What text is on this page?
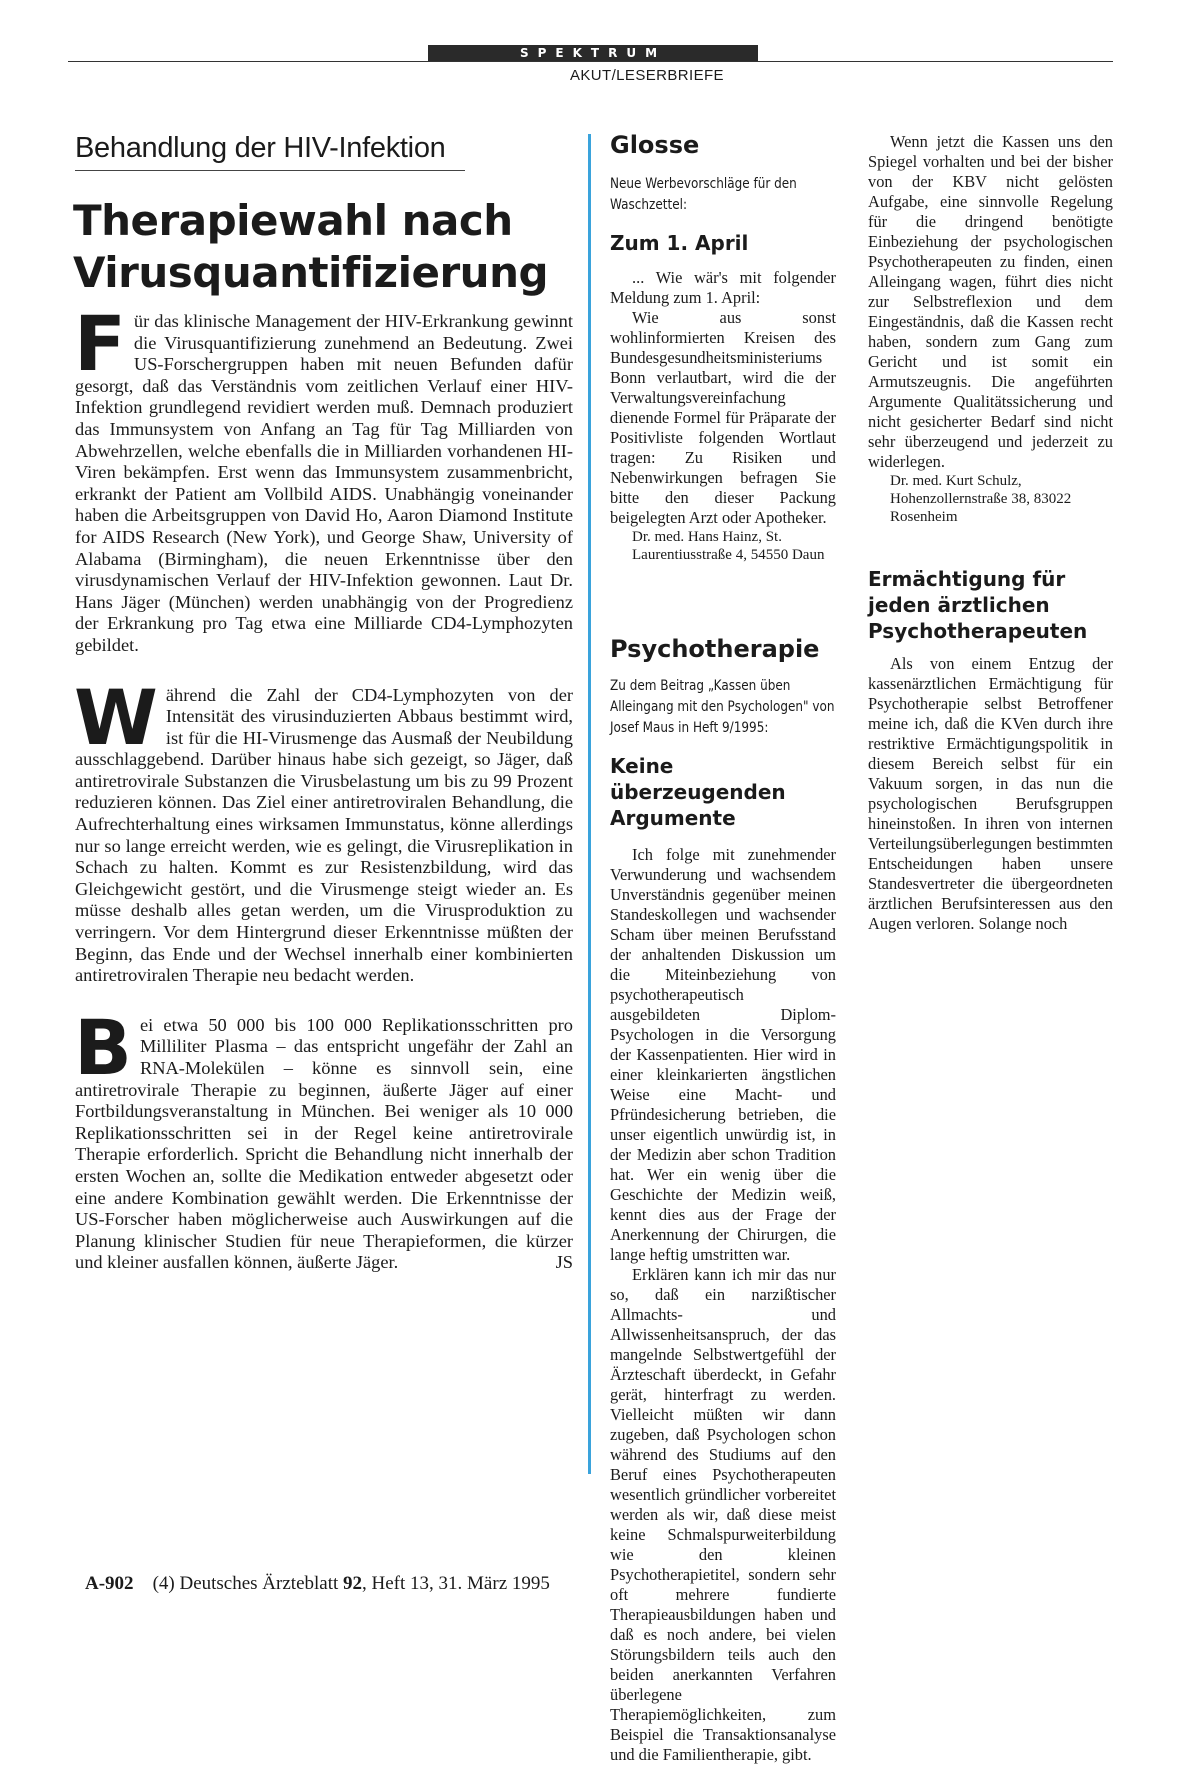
SPEKTRUM
AKUT/LESERBRIEFE
Behandlung der HIV-Infektion
Therapiewahl nach Virusquantifizierung

Für das klinische Management der HIV-Erkrankung gewinnt die Virusquantifizierung zunehmend an Bedeutung. Zwei US-Forschergruppen haben mit neuen Befunden dafür gesorgt, daß das Verständnis vom zeitlichen Verlauf einer HIV-Infektion grundlegend revidiert werden muß. Demnach produziert das Immunsystem von Anfang an Tag für Tag Milliarden von Abwehrzellen, welche ebenfalls die in Milliarden vorhandenen HI-Viren bekämpfen. Erst wenn das Immunsystem zusammenbricht, erkrankt der Patient am Vollbild AIDS. Unabhängig voneinander haben die Arbeitsgruppen von David Ho, Aaron Diamond Institute for AIDS Research (New York), und George Shaw, University of Alabama (Birmingham), die neuen Erkenntnisse über den virusdynamischen Verlauf der HIV-Infektion gewonnen. Laut Dr. Hans Jäger (München) werden unabhängig von der Progredienz der Erkrankung pro Tag etwa eine Milliarde CD4-Lymphozyten gebildet.

Während die Zahl der CD4-Lymphozyten von der Intensität des virusinduzierten Abbaus bestimmt wird, ist für die HI-Virusmenge das Ausmaß der Neubildung ausschlaggebend. Darüber hinaus habe sich gezeigt, so Jäger, daß antiretrovirale Substanzen die Virusbelastung um bis zu 99 Prozent reduzieren können. Das Ziel einer antiretroviralen Behandlung, die Aufrechterhaltung eines wirksamen Immunstatus, könne allerdings nur so lange erreicht werden, wie es gelingt, die Virusreplikation in Schach zu halten. Kommt es zur Resistenzbildung, wird das Gleichgewicht gestört, und die Virusmenge steigt wieder an. Es müsse deshalb alles getan werden, um die Virusproduktion zu verringern. Vor dem Hintergrund dieser Erkenntnisse müßten der Beginn, das Ende und der Wechsel innerhalb einer kombinierten antiretroviralen Therapie neu bedacht werden.

Bei etwa 50 000 bis 100 000 Replikationsschritten pro Milliliter Plasma – das entspricht ungefähr der Zahl an RNA-Molekülen – könne es sinnvoll sein, eine antiretrovirale Therapie zu beginnen, äußerte Jäger auf einer Fortbildungsveranstaltung in München. Bei weniger als 10 000 Replikationsschritten sei in der Regel keine antiretrovirale Therapie erforderlich. Spricht die Behandlung nicht innerhalb der ersten Wochen an, sollte die Medikation entweder abgesetzt oder eine andere Kombination gewählt werden. Die Erkenntnisse der US-Forscher haben möglicherweise auch Auswirkungen auf die Planung klinischer Studien für neue Therapieformen, die kürzer und kleiner ausfallen können, äußerte Jäger.	JS

Glosse

Neue Werbevorschläge für den Waschzettel:

Zum 1. April

... Wie wär's mit folgender Meldung zum 1. April:

Wie aus sonst wohlinformierten Kreisen des Bundesgesundheitsministeriums Bonn verlautbart, wird die der Verwaltungsvereinfachung dienende Formel für Präparate der Positivliste folgenden Wortlaut tragen: Zu Risiken und Nebenwirkungen befragen Sie bitte den dieser Packung beigelegten Arzt oder Apotheker.

Dr. med. Hans Hainz, St. Laurentiusstraße 4, 54550 Daun
Psychotherapie

Zu dem Beitrag „Kassen üben Alleingang mit den Psychologen" von Josef Maus in Heft 9/1995:

Keine überzeugenden Argumente

Ich folge mit zunehmender Verwunderung und wachsendem Unverständnis gegenüber meinen Standeskollegen und wachsender Scham über meinen Berufsstand der anhaltenden Diskussion um die Miteinbeziehung von psychotherapeutisch ausgebildeten Diplom-Psychologen in die Versorgung der Kassenpatienten. Hier wird in einer kleinkarierten ängstlichen Weise eine Macht- und Pfründesicherung betrieben, die unser eigentlich unwürdig ist, in der Medizin aber schon Tradition hat. Wer ein wenig über die Geschichte der Medizin weiß, kennt dies aus der Frage der Anerkennung der Chirurgen, die lange heftig umstritten war.

Erklären kann ich mir das nur so, daß ein narzißtischer Allmachts- und Allwissenheitsanspruch, der das mangelnde Selbstwertgefühl der Ärzteschaft überdeckt, in Gefahr gerät, hinterfragt zu werden. Vielleicht müßten wir dann zugeben, daß Psychologen schon während des Studiums auf den Beruf eines Psychotherapeuten wesentlich gründlicher vorbereitet werden als wir, daß diese meist keine Schmalspurweiterbildung wie den kleinen Psychotherapietitel, sondern sehr oft mehrere fundierte Therapieausbildungen haben und daß es noch andere, bei vielen Störungsbildern teils auch den beiden anerkannten Verfahren überlegene Therapiemöglichkeiten, zum Beispiel die Transaktionsanalyse und die Familientherapie, gibt.

Wenn jetzt die Kassen uns den Spiegel vorhalten und bei der bisher von der KBV nicht gelösten Aufgabe, eine sinnvolle Regelung für die dringend benötigte Einbeziehung der psychologischen Psychotherapeuten zu finden, einen Alleingang wagen, führt dies nicht zur Selbstreflexion und dem Eingeständnis, daß die Kassen recht haben, sondern zum Gang zum Gericht und ist somit ein Armutszeugnis. Die angeführten Argumente Qualitätssicherung und nicht gesicherter Bedarf sind nicht sehr überzeugend und jederzeit zu widerlegen.

Dr. med. Kurt Schulz, Hohenzollernstraße 38, 83022 Rosenheim
Ermächtigung für jeden ärztlichen Psychotherapeuten

Als von einem Entzug der kassenärztlichen Ermächtigung für Psychotherapie selbst Betroffener meine ich, daß die KVen durch ihre restriktive Ermächtigungspolitik in diesem Bereich selbst für ein Vakuum sorgen, in das nun die psychologischen Berufsgruppen hineinstoßen. In ihren von internen Verteilungsüberlegungen bestimmten Entscheidungen haben unsere Standesvertreter die übergeordneten ärztlichen Berufsinteressen aus den Augen verloren. Solange noch

A-902 (4) Deutsches Ärzteblatt 92, Heft 13, 31. März 1995
